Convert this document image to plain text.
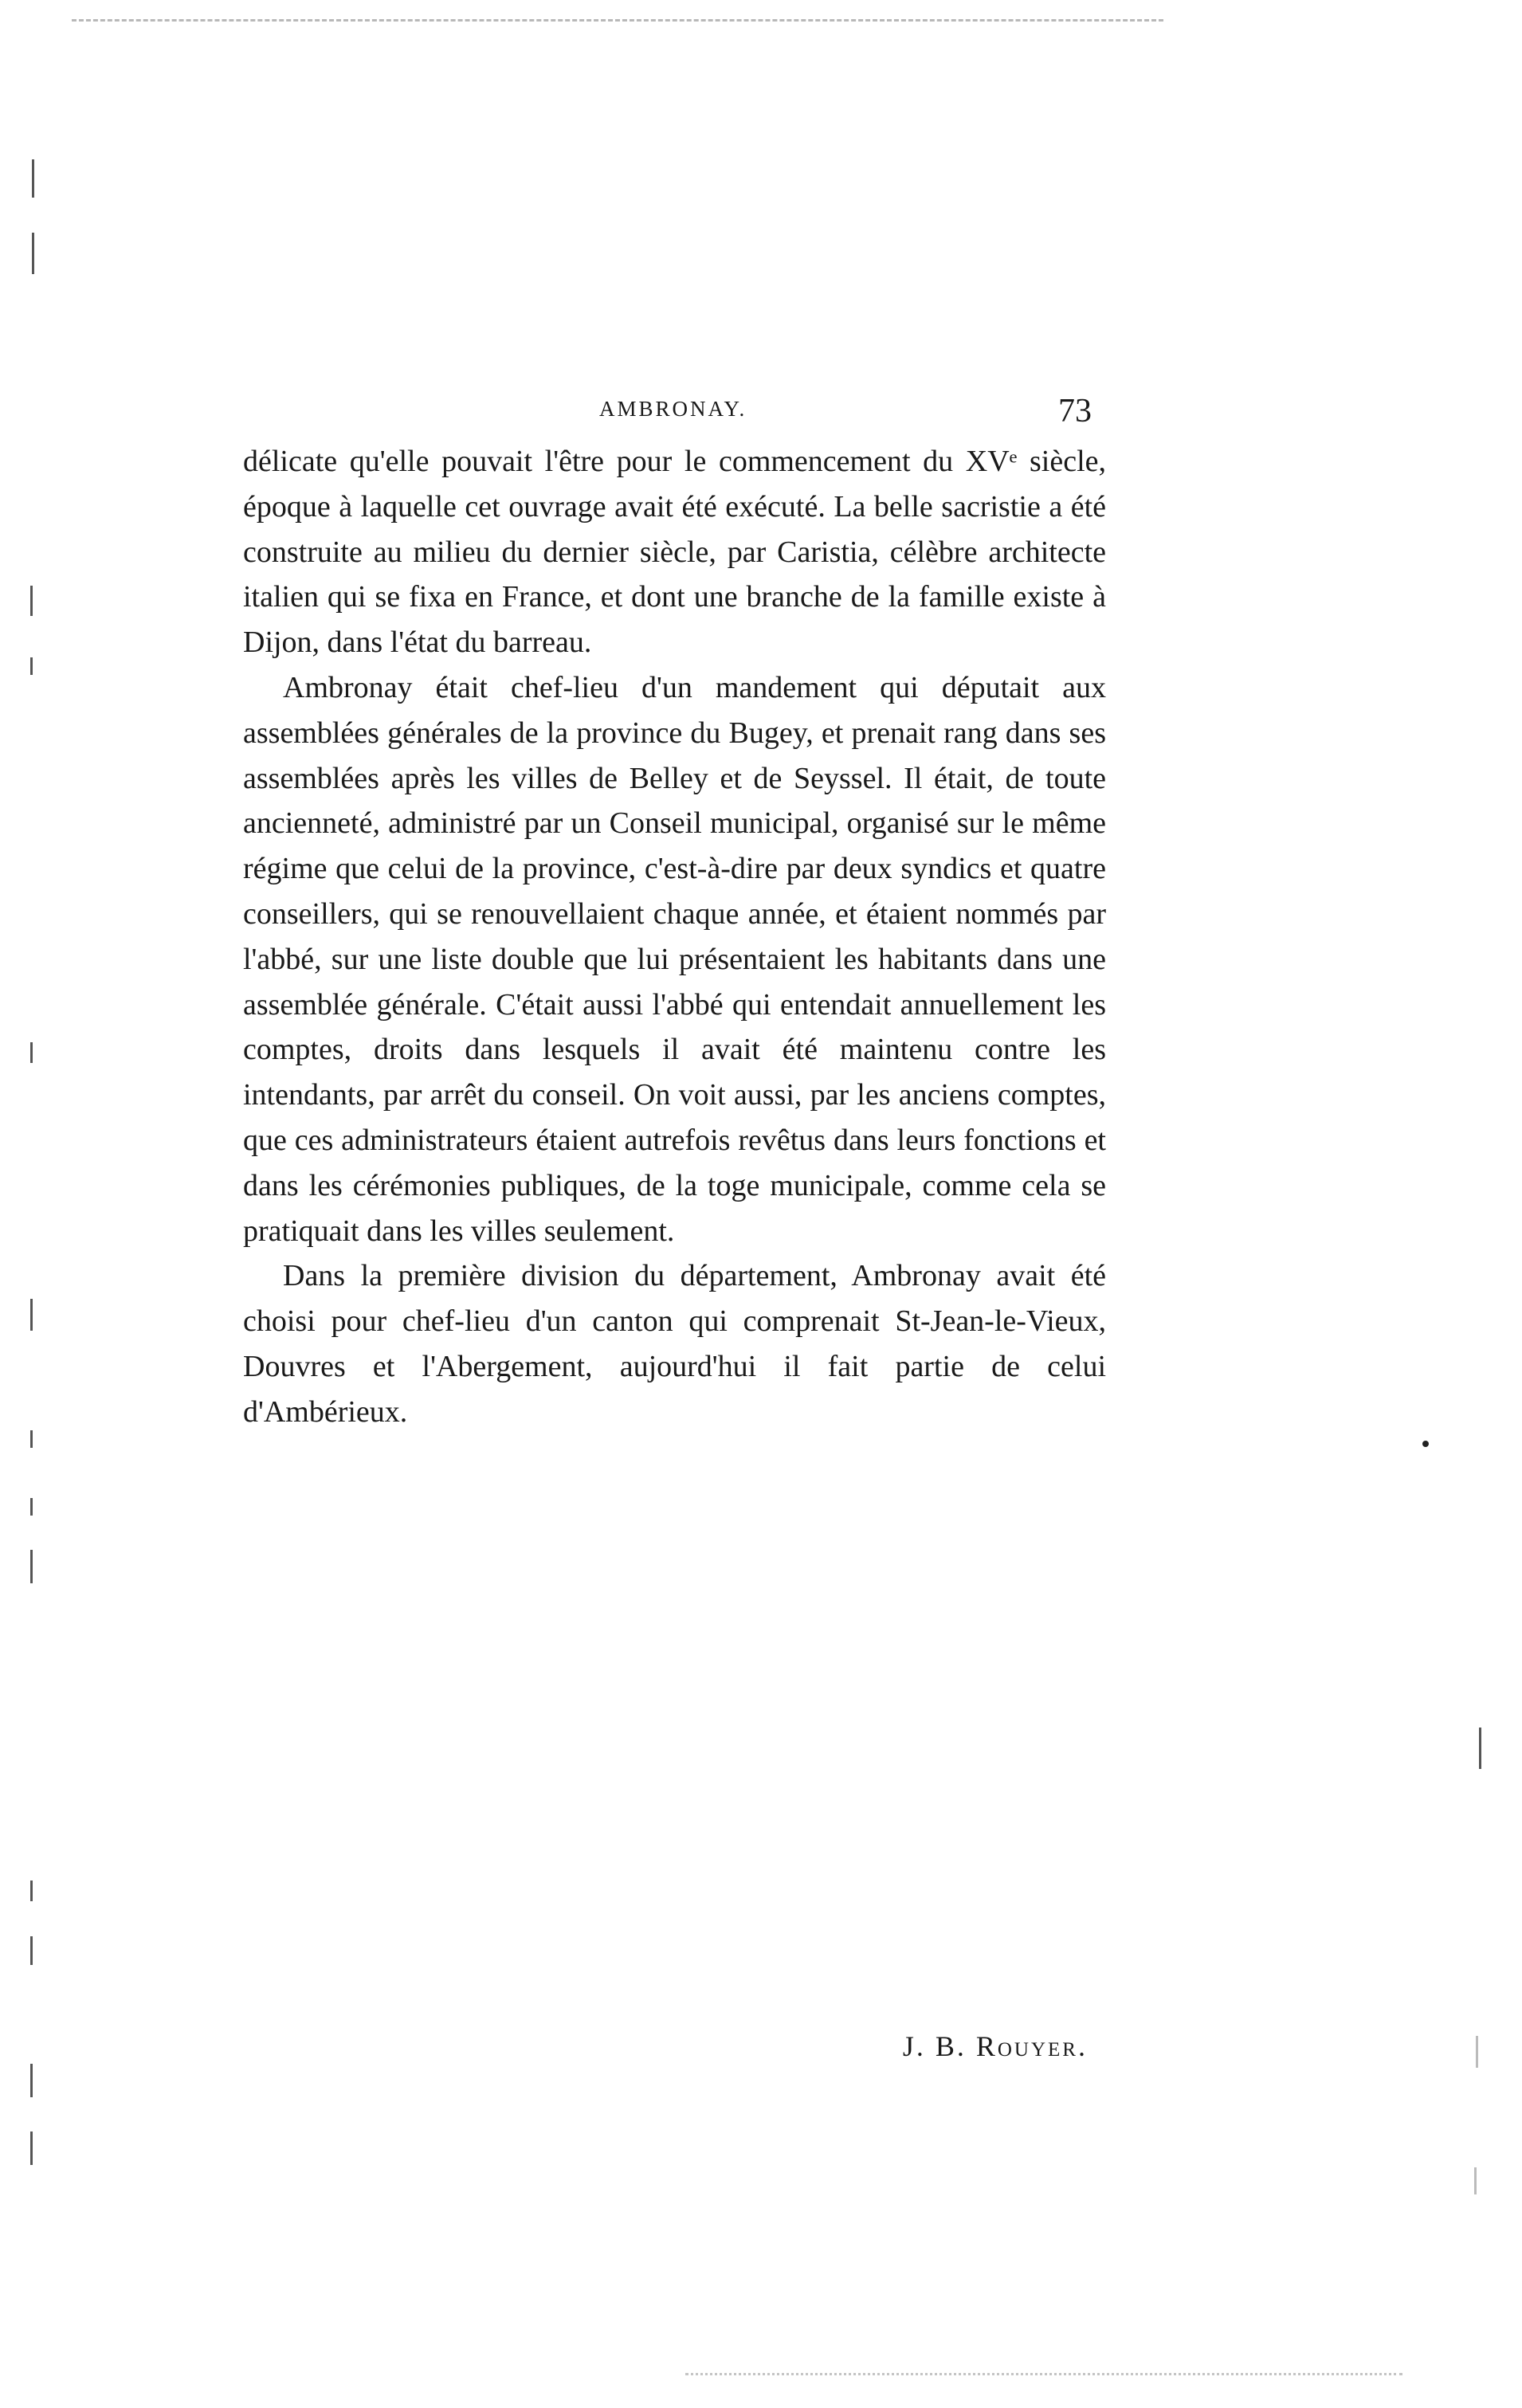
AMBRONAY.	73

délicate qu'elle pouvait l'être pour le commencement du XVᵉ siècle, époque à laquelle cet ouvrage avait été exécuté. La belle sacristie a été construite au milieu du dernier siècle, par Caristia, célèbre architecte italien qui se fixa en France, et dont une branche de la famille existe à Dijon, dans l'état du barreau.

Ambronay était chef-lieu d'un mandement qui députait aux assemblées générales de la province du Bugey, et prenait rang dans ses assemblées après les villes de Belley et de Seyssel. Il était, de toute ancienneté, administré par un Conseil municipal, organisé sur le même régime que celui de la province, c'est-à-dire par deux syndics et quatre conseillers, qui se renouvellaient chaque année, et étaient nommés par l'abbé, sur une liste double que lui présentaient les habitants dans une assemblée générale. C'était aussi l'abbé qui entendait annuellement les comptes, droits dans lesquels il avait été maintenu contre les intendants, par arrêt du conseil. On voit aussi, par les anciens comptes, que ces administrateurs étaient autrefois revêtus dans leurs fonctions et dans les cérémonies publiques, de la toge municipale, comme cela se pratiquait dans les villes seulement.

Dans la première division du département, Ambronay avait été choisi pour chef-lieu d'un canton qui comprenait St-Jean-le-Vieux, Douvres et l'Abergement, aujourd'hui il fait partie de celui d'Ambérieux.

J. B. Rouyer.
